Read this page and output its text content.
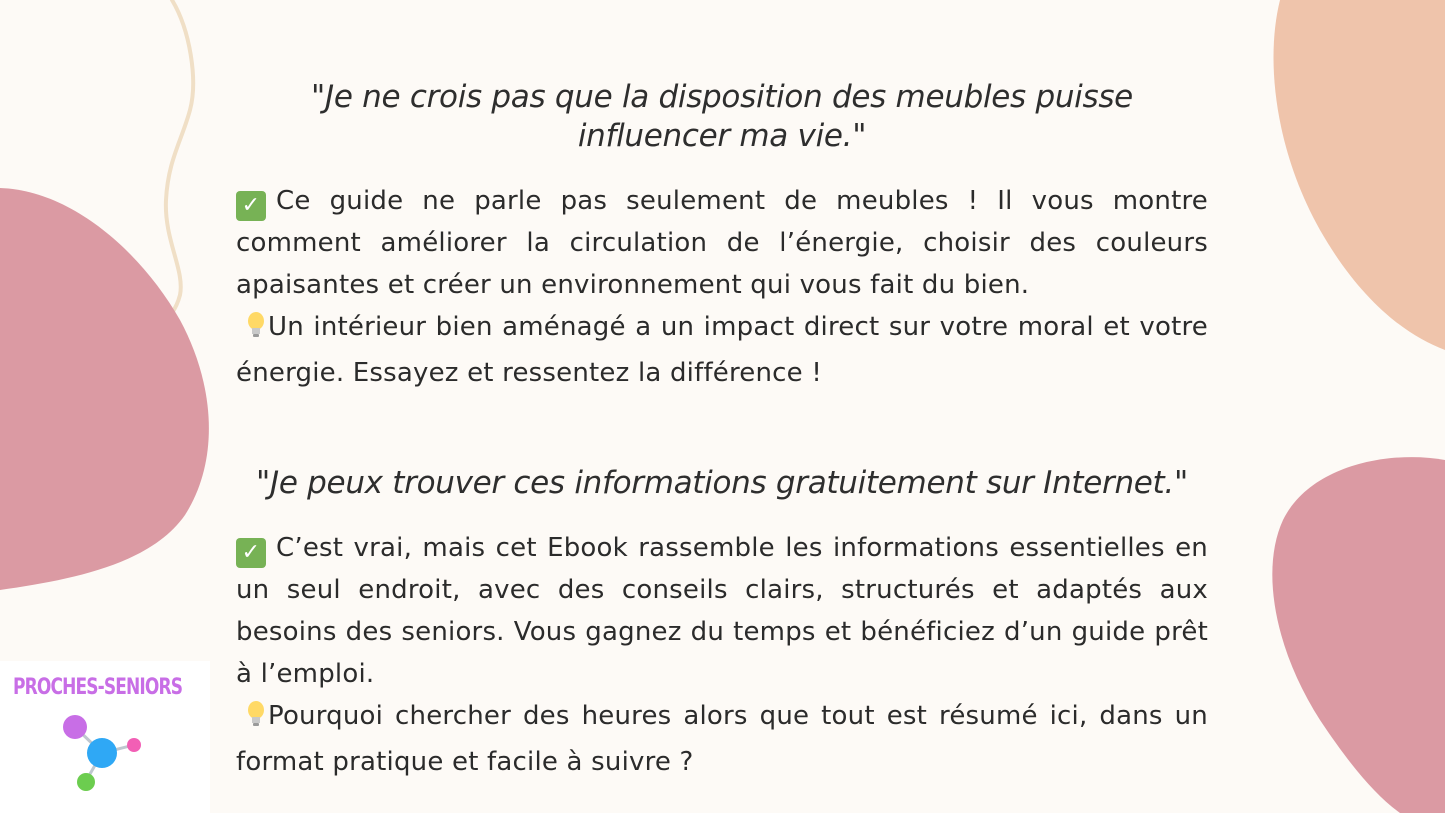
"Je ne crois pas que la disposition des meubles puisse influencer ma vie."

✓ Ce guide ne parle pas seulement de meubles ! Il vous montre comment améliorer la circulation de l’énergie, choisir des couleurs apaisantes et créer un environnement qui vous fait du bien.
Un intérieur bien aménagé a un impact direct sur votre moral et votre énergie. Essayez et ressentez la différence !

"Je peux trouver ces informations gratuitement sur Internet."

✓ C’est vrai, mais cet Ebook rassemble les informations essentielles en un seul endroit, avec des conseils clairs, structurés et adaptés aux besoins des seniors. Vous gagnez du temps et bénéficiez d’un guide prêt à l’emploi.
Pourquoi chercher des heures alors que tout est résumé ici, dans un format pratique et facile à suivre ?

PROCHES-SENIORS
